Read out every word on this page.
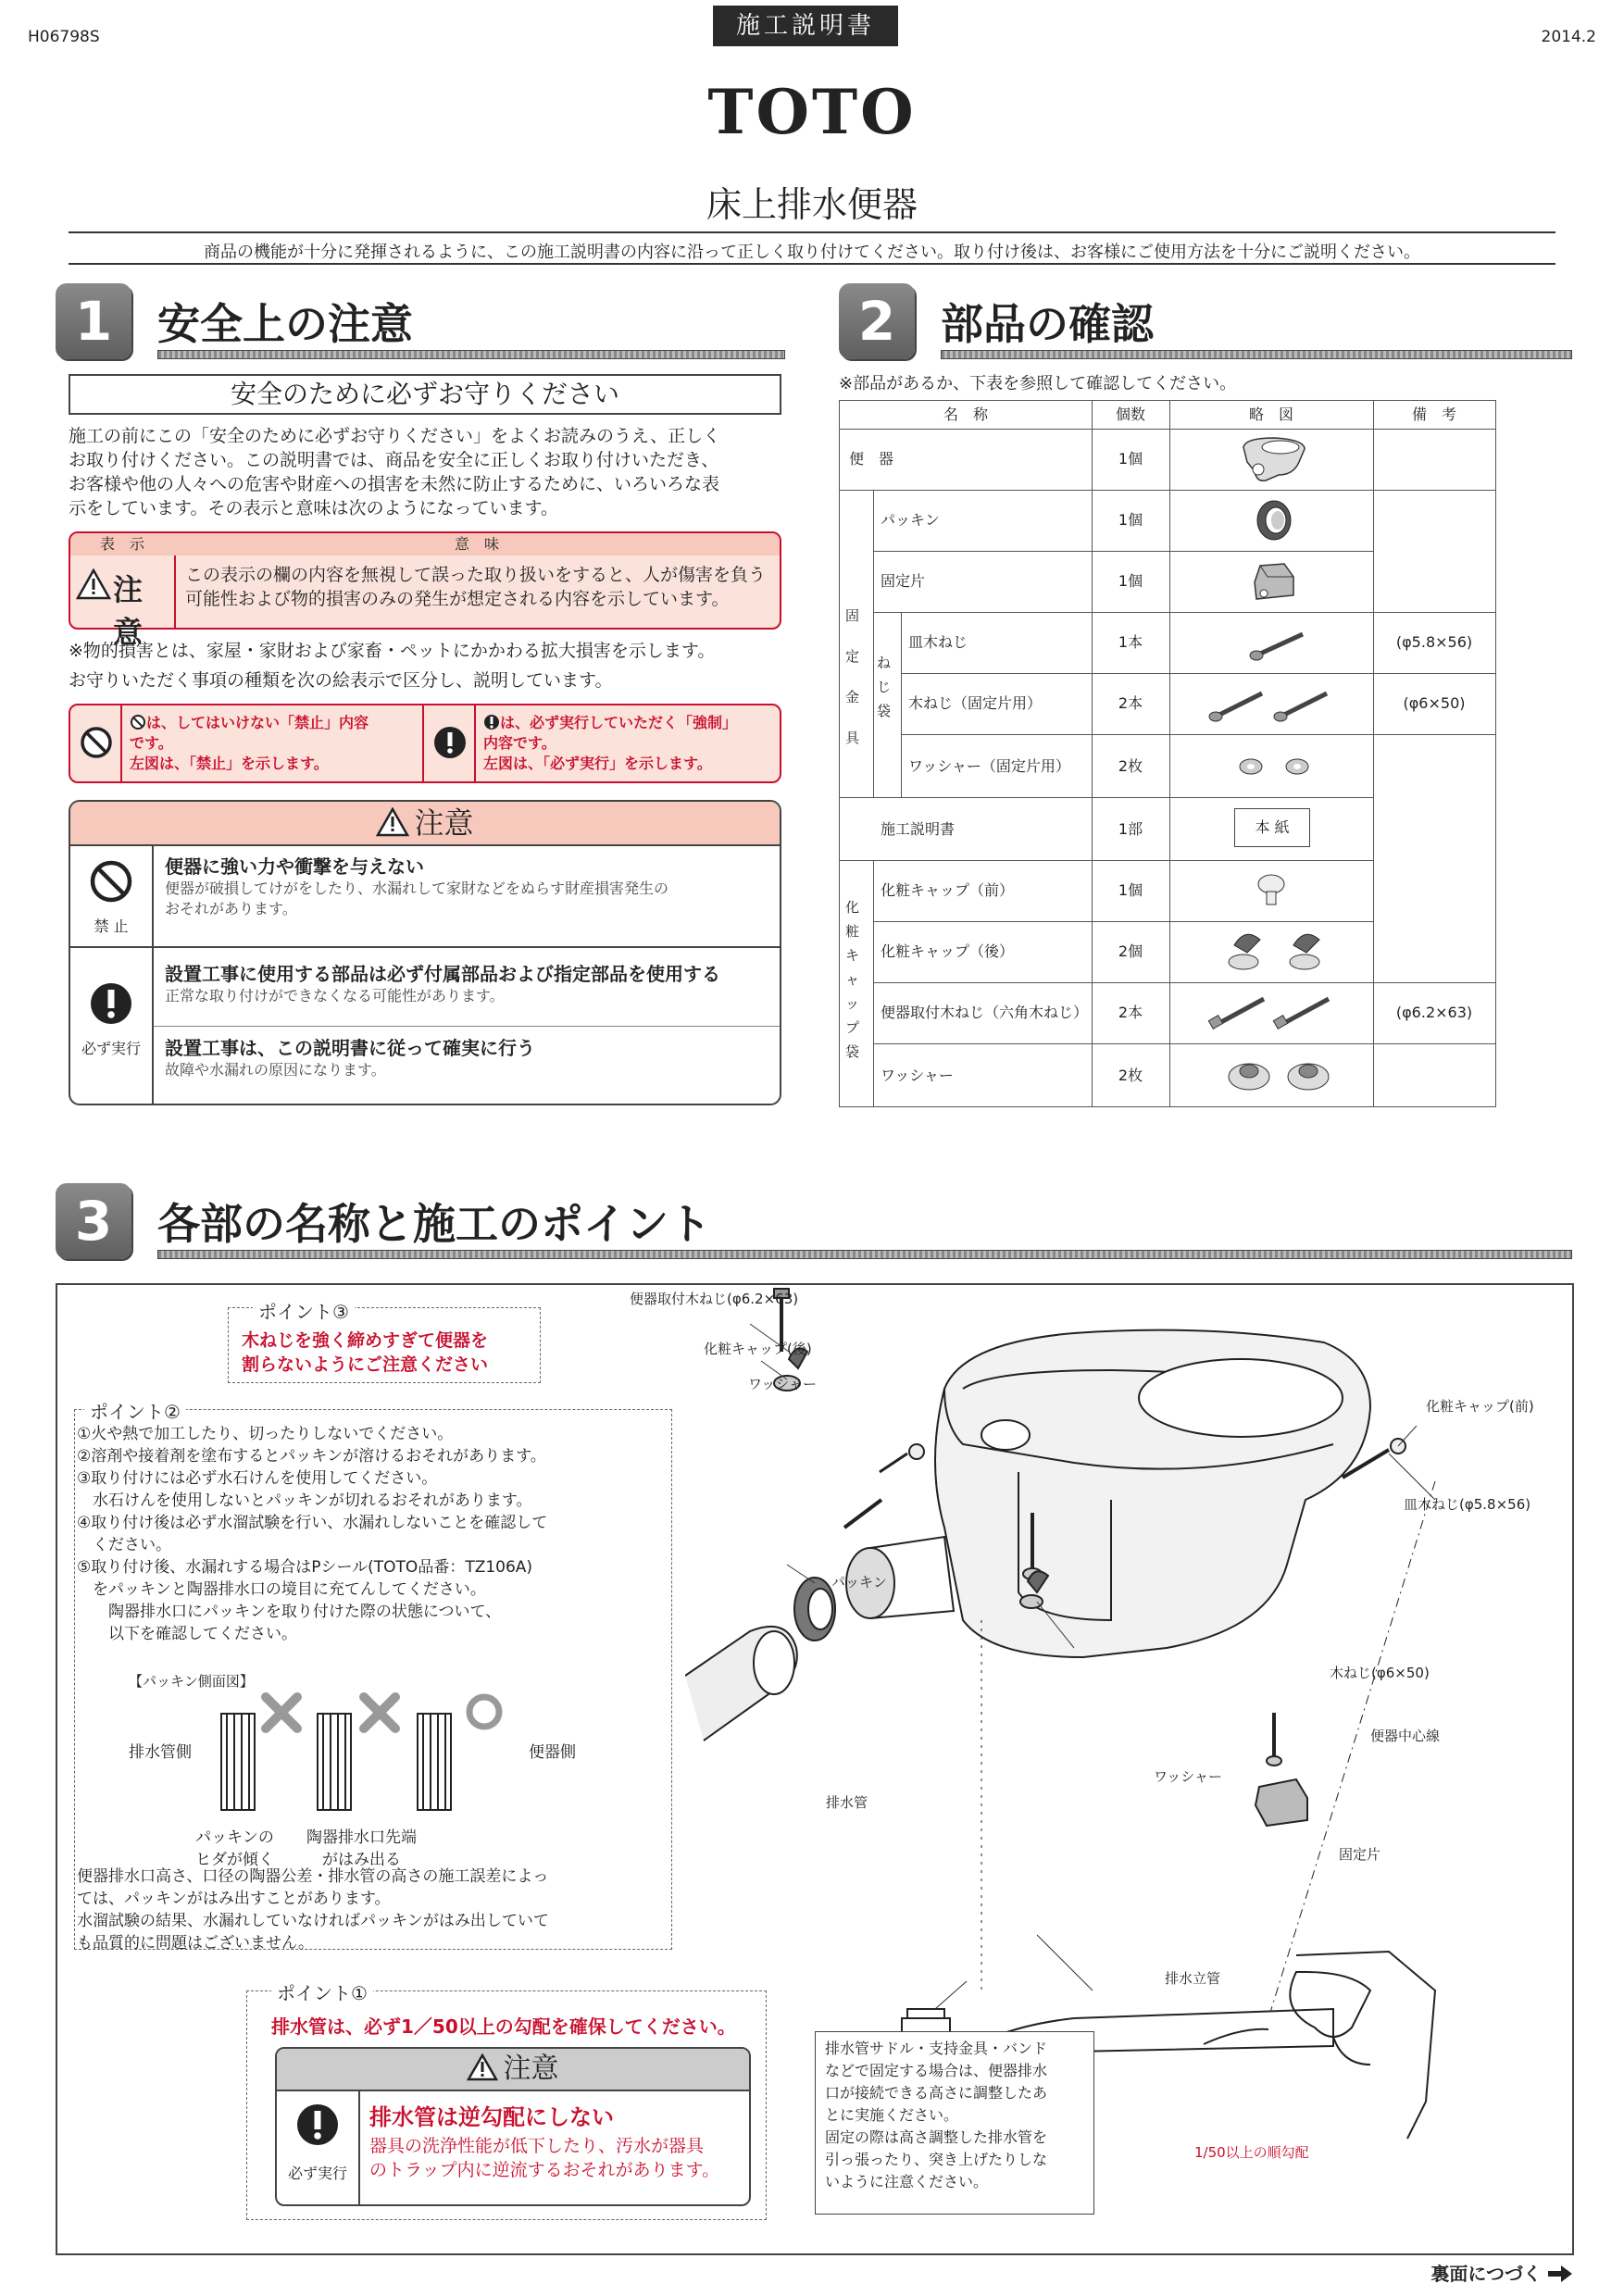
H06798S	施工説明書	2014.2
TOTO
床上排水便器
商品の機能が十分に発揮されるように、この施工説明書の内容に沿って正しく取り付けてください。取り付け後は、お客様にご使用方法を十分にご説明ください。
1	安全上の注意
安全のために必ずお守りください
施工の前にこの「安全のために必ずお守りください」をよくお読みのうえ、正しく
お取り付けください。この説明書では、商品を安全に正しくお取り付けいただき、
お客様や他の人々への危害や財産への損害を未然に防止するために、いろいろな表
示をしています。その表示と意味は次のようになっています。
表　示	意　味
注意
この表示の欄の内容を無視して誤った取り扱いをすると、人が傷害を負う
可能性および物的損害のみの発生が想定される内容を示しています。
※物的損害とは、家屋・家財および家畜・ペットにかかわる拡大損害を示します。
お守りいただく事項の種類を次の絵表示で区分し、説明しています。
は、してはいけない「禁止」内容
です。
左図は、「禁止」を示します。
は、必ず実行していただく「強制」
内容です。
左図は、「必ず実行」を示します。
注意
禁 止
必ず実行
便器に強い力や衝撃を与えない
便器が破損してけがをしたり、水漏れして家財などをぬらす財産損害発生の
おそれがあります。
設置工事に使用する部品は必ず付属部品および指定部品を使用する
正常な取り付けができなくなる可能性があります。
設置工事は、この説明書に従って確実に行う
故障や水漏れの原因になります。
2	部品の確認
※部品があるか、下表を参照して確認してください。
名　称	個数	略　図	備　考
固定金具
ねじ袋
化粧キャップ袋
便　器	1個
パッキン	1個
固定片	1個
皿木ねじ	1本	(φ5.8×56)
木ねじ（固定片用）	2本	(φ6×50)
ワッシャー（固定片用）	2枚
施工説明書	1部	本 紙
化粧キャップ（前）	1個
化粧キャップ（後）	2個
便器取付木ねじ（六角木ねじ）	2本	(φ6.2×63)
ワッシャー	2枚
3	各部の名称と施工のポイント
ポイント③
木ねじを強く締めすぎて便器を
割らないようにご注意ください
ポイント②
①火や熱で加工したり、切ったりしないでください。
②溶剤や接着剤を塗布するとパッキンが溶けるおそれがあります。
③取り付けには必ず水石けんを使用してください。
　水石けんを使用しないとパッキンが切れるおそれがあります。
④取り付け後は必ず水溜試験を行い、水漏れしないことを確認して
　ください。
⑤取り付け後、水漏れする場合はPシール(TOTO品番：TZ106A)
　をパッキンと陶器排水口の境目に充てんしてください。
　　陶器排水口にパッキンを取り付けた際の状態について、
　　以下を確認してください。
【パッキン側面図】
排水管側	便器側
パッキンの
ヒダが傾く
陶器排水口先端
がはみ出る
便器排水口高さ、口径の陶器公差・排水管の高さの施工誤差によっ
ては、パッキンがはみ出すことがあります。
水溜試験の結果、水漏れしていなければパッキンがはみ出していて
も品質的に問題はございません。
ポイント①
排水管は、必ず1／50以上の勾配を確保してください。
注意
必ず実行
排水管は逆勾配にしない
器具の洗浄性能が低下したり、汚水が器具
のトラップ内に逆流するおそれがあります。
便器取付木ねじ(φ6.2×63)
化粧キャップ(後)
ワッシャー
化粧キャップ(前)
皿木ねじ(φ5.8×56)
パッキン
木ねじ(φ6×50)
便器中心線
ワッシャー
固定片
排水管
排水立管
1/50以上の順勾配
排水管サドル・支持金具・バンド
などで固定する場合は、便器排水
口が接続できる高さに調整したあ
とに実施ください。
固定の際は高さ調整した排水管を
引っ張ったり、突き上げたりしな
いように注意ください。
裏面につづく
